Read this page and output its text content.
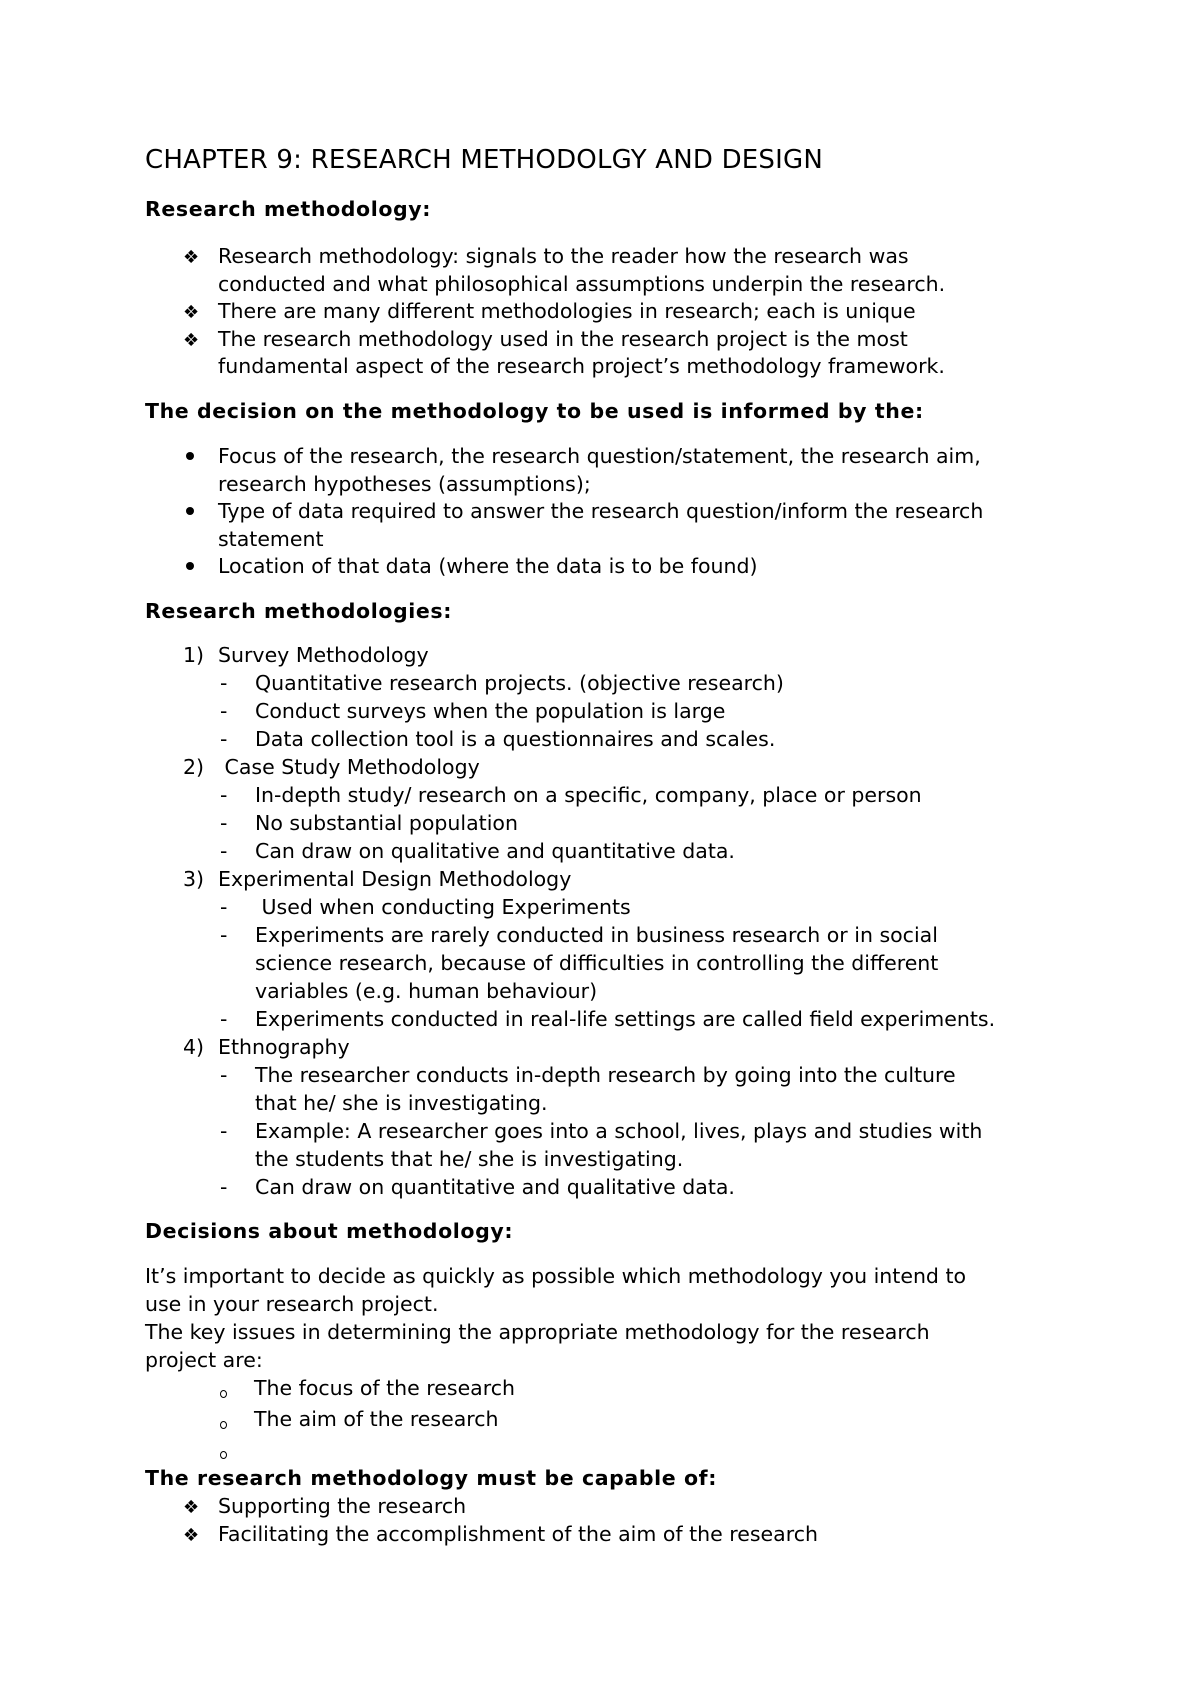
CHAPTER 9: RESEARCH METHODOLGY AND DESIGN
Research methodology:
❖ Research methodology: signals to the reader how the research was
conducted and what philosophical assumptions underpin the research.
❖ There are many different methodologies in research; each is unique
❖ The research methodology used in the research project is the most
fundamental aspect of the research project’s methodology framework.
The decision on the methodology to be used is informed by the:
Focus of the research, the research question/statement, the research aim,
research hypotheses (assumptions);
Type of data required to answer the research question/inform the research
statement
Location of that data (where the data is to be found)
Research methodologies:
1) Survey Methodology
- Quantitative research projects. (objective research)
- Conduct surveys when the population is large
- Data collection tool is a questionnaires and scales.
2) Case Study Methodology
- In-depth study/ research on a specific, company, place or person
- No substantial population
- Can draw on qualitative and quantitative data.
3) Experimental Design Methodology
- Used when conducting Experiments
- Experiments are rarely conducted in business research or in social
science research, because of difficulties in controlling the different
variables (e.g. human behaviour)
- Experiments conducted in real-life settings are called field experiments.
4) Ethnography
- The researcher conducts in-depth research by going into the culture
that he/ she is investigating.
- Example: A researcher goes into a school, lives, plays and studies with
the students that he/ she is investigating.
- Can draw on quantitative and qualitative data.
Decisions about methodology:
It’s important to decide as quickly as possible which methodology you intend to
use in your research project.
The key issues in determining the appropriate methodology for the research
project are:
The focus of the research
The aim of the research
The research methodology must be capable of:
❖ Supporting the research
❖ Facilitating the accomplishment of the aim of the research
